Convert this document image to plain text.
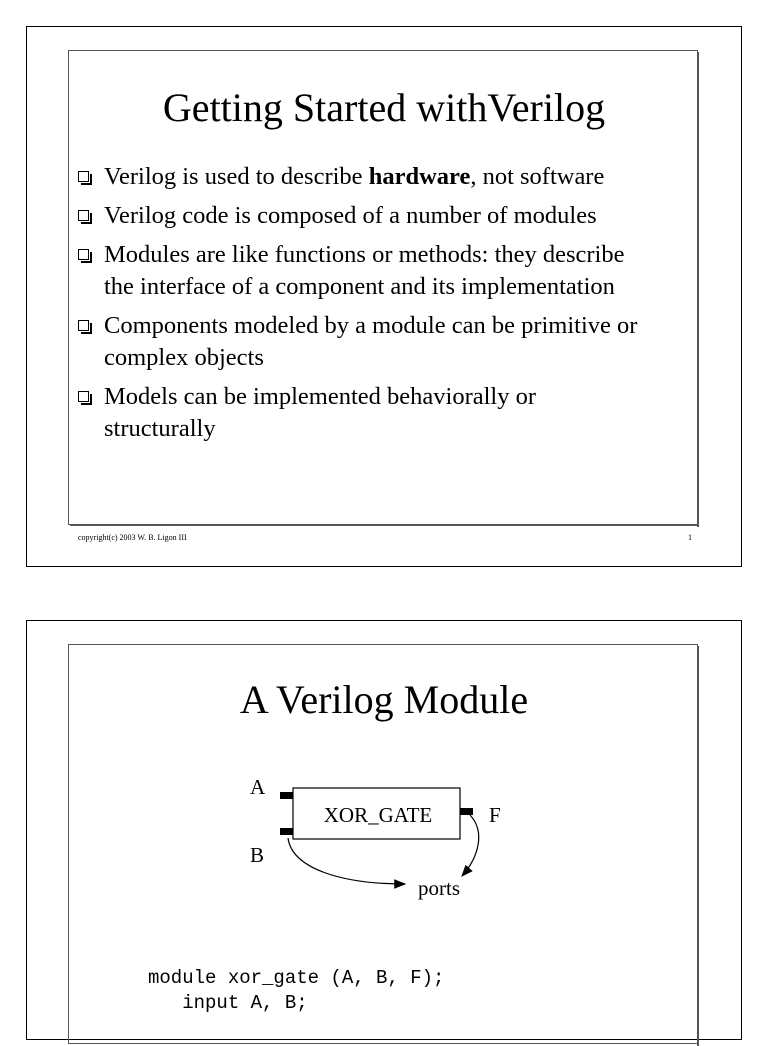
Getting Started withVerilog
Verilog is used to describe hardware, not software
Verilog code is composed of a number of modules
Modules are like functions or methods: they describe the interface of a component and its implementation
Components modeled by a module can be primitive or complex objects
Models can be implemented behaviorally or structurally
copyright(c) 2003 W. B. Ligon III	1
A Verilog Module
XOR_GATE
A
B
F
ports
module xor_gate (A, B, F);
input A, B;
